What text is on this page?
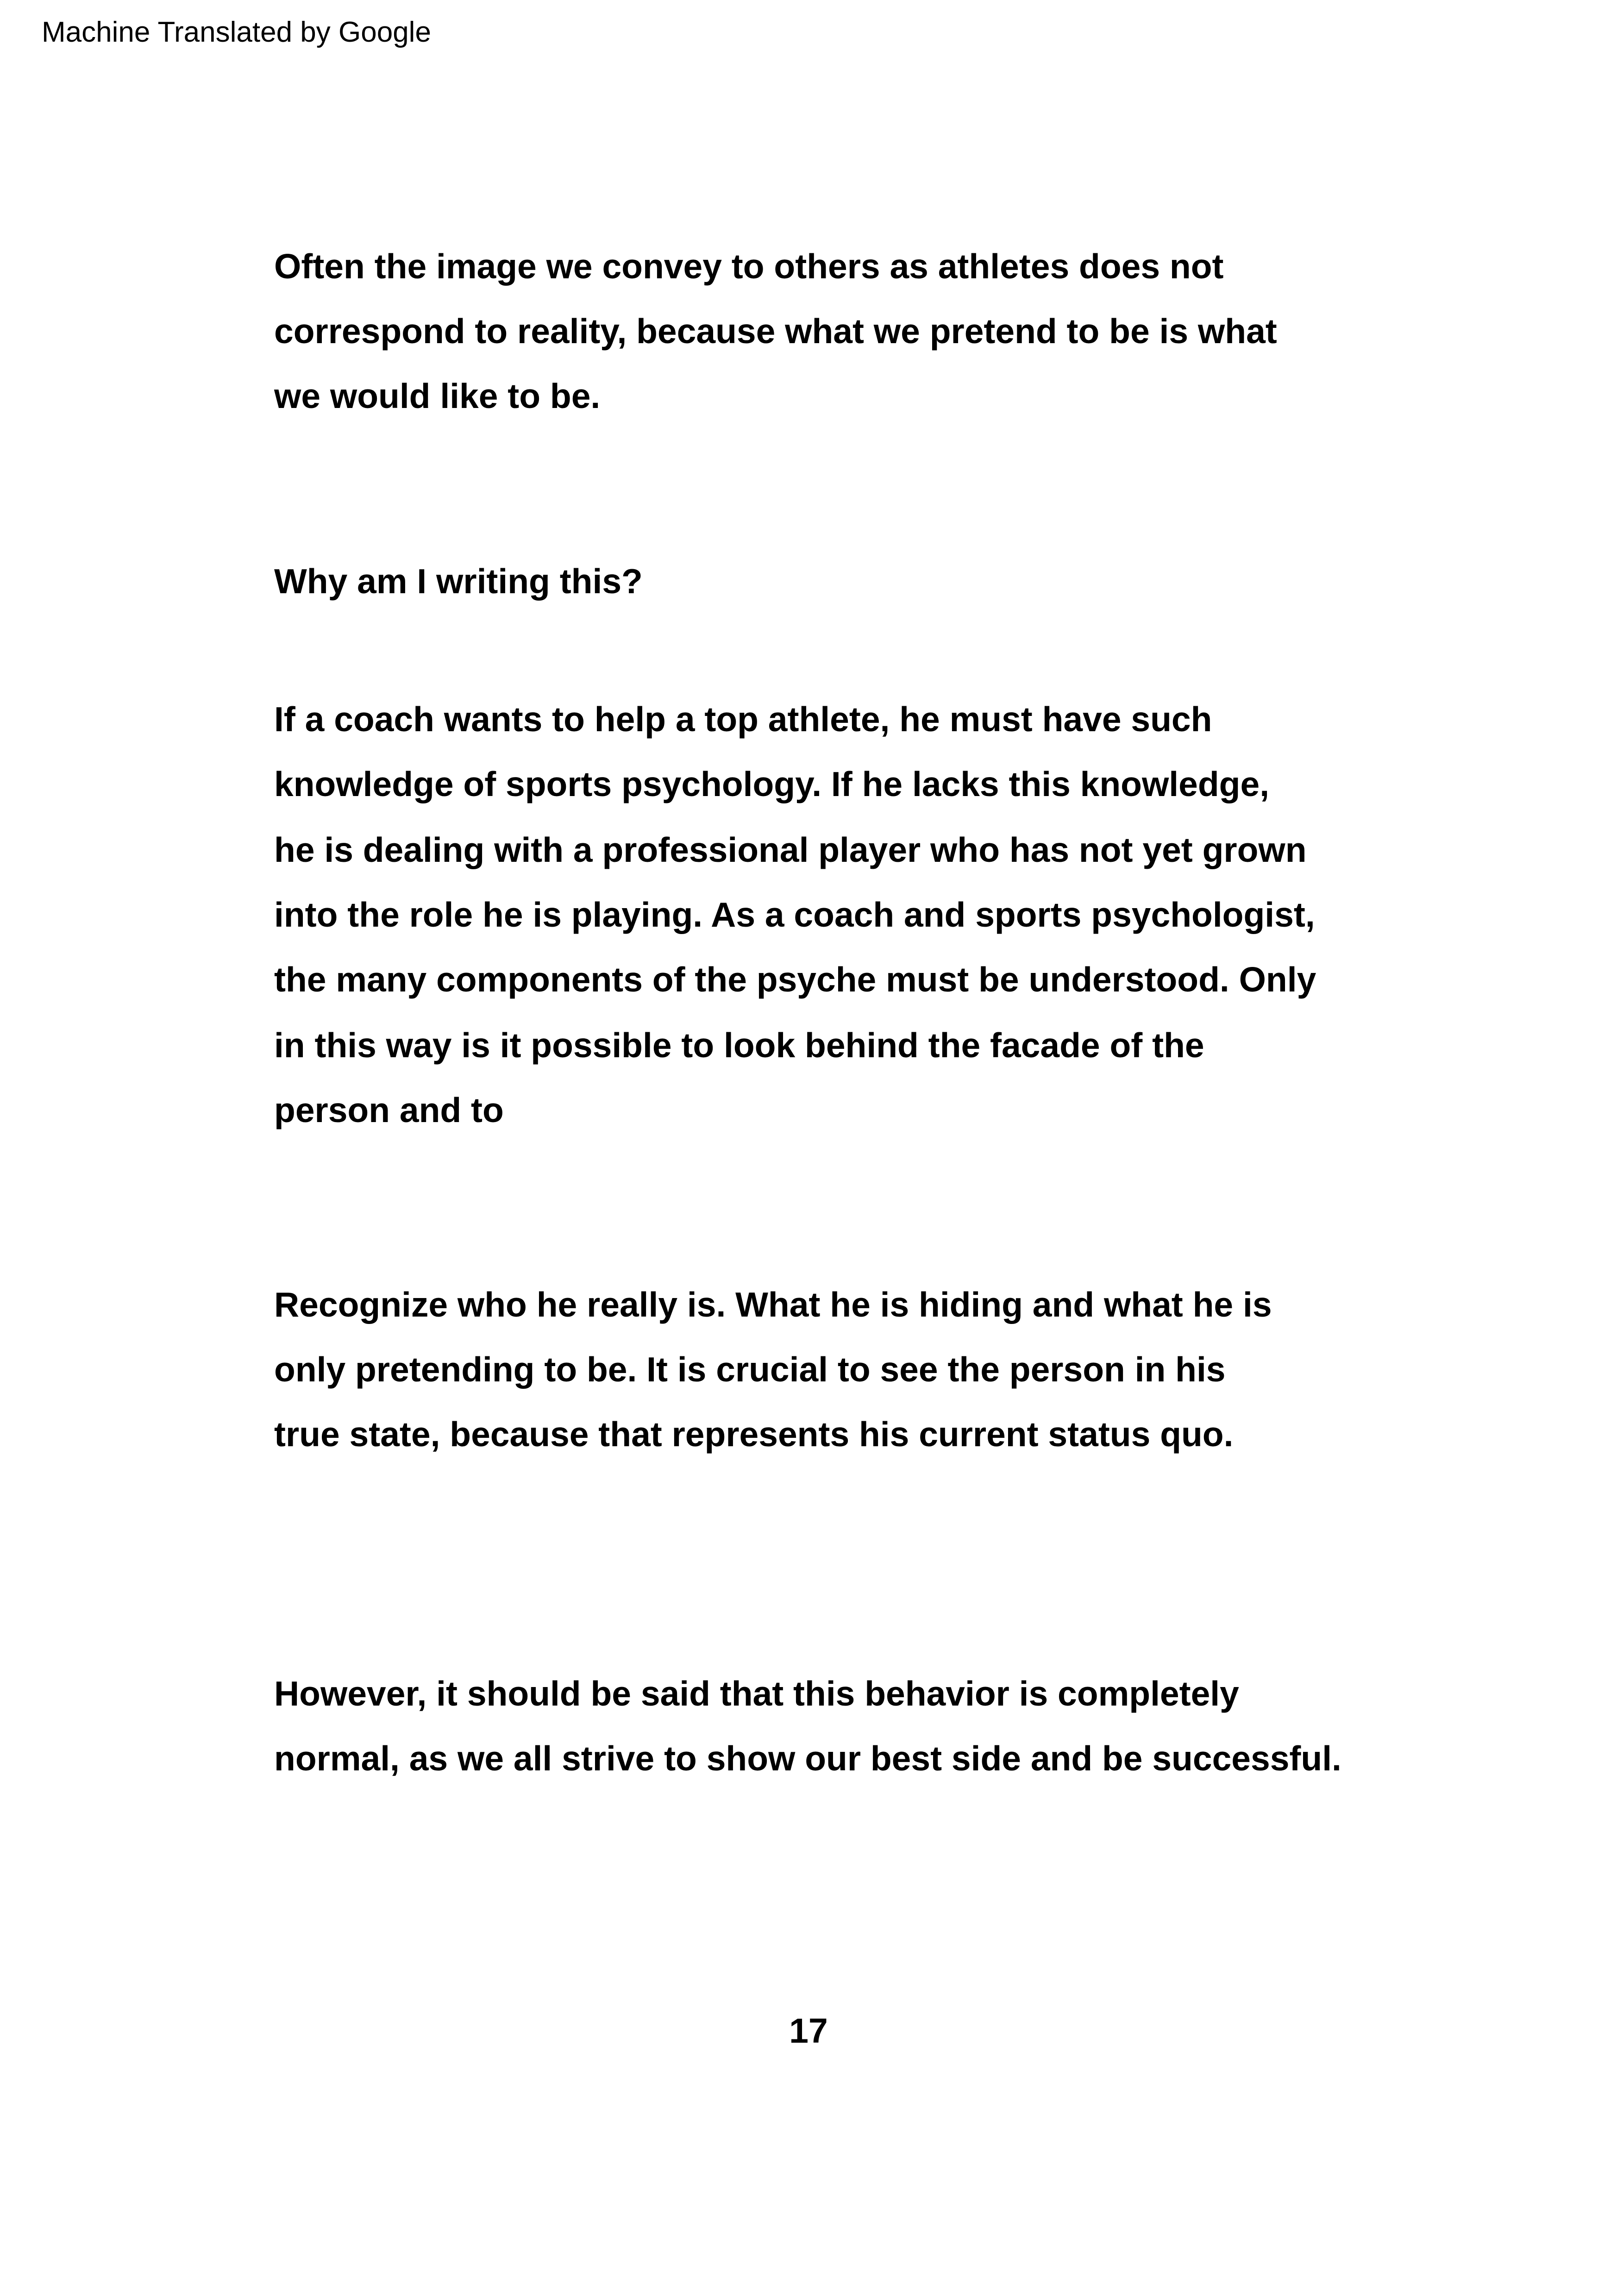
Machine Translated by Google
Often the image we convey to others as athletes does not
correspond to reality, because what we pretend to be is what
we would like to be.
Why am I writing this?
If a coach wants to help a top athlete, he must have such
knowledge of sports psychology. If he lacks this knowledge,
he is dealing with a professional player who has not yet grown
into the role he is playing. As a coach and sports psychologist,
the many components of the psyche must be understood. Only
in this way is it possible to look behind the facade of the
person and to
Recognize who he really is. What he is hiding and what he is
only pretending to be. It is crucial to see the person in his
true state, because that represents his current status quo.
However, it should be said that this behavior is completely
normal, as we all strive to show our best side and be successful.
17
